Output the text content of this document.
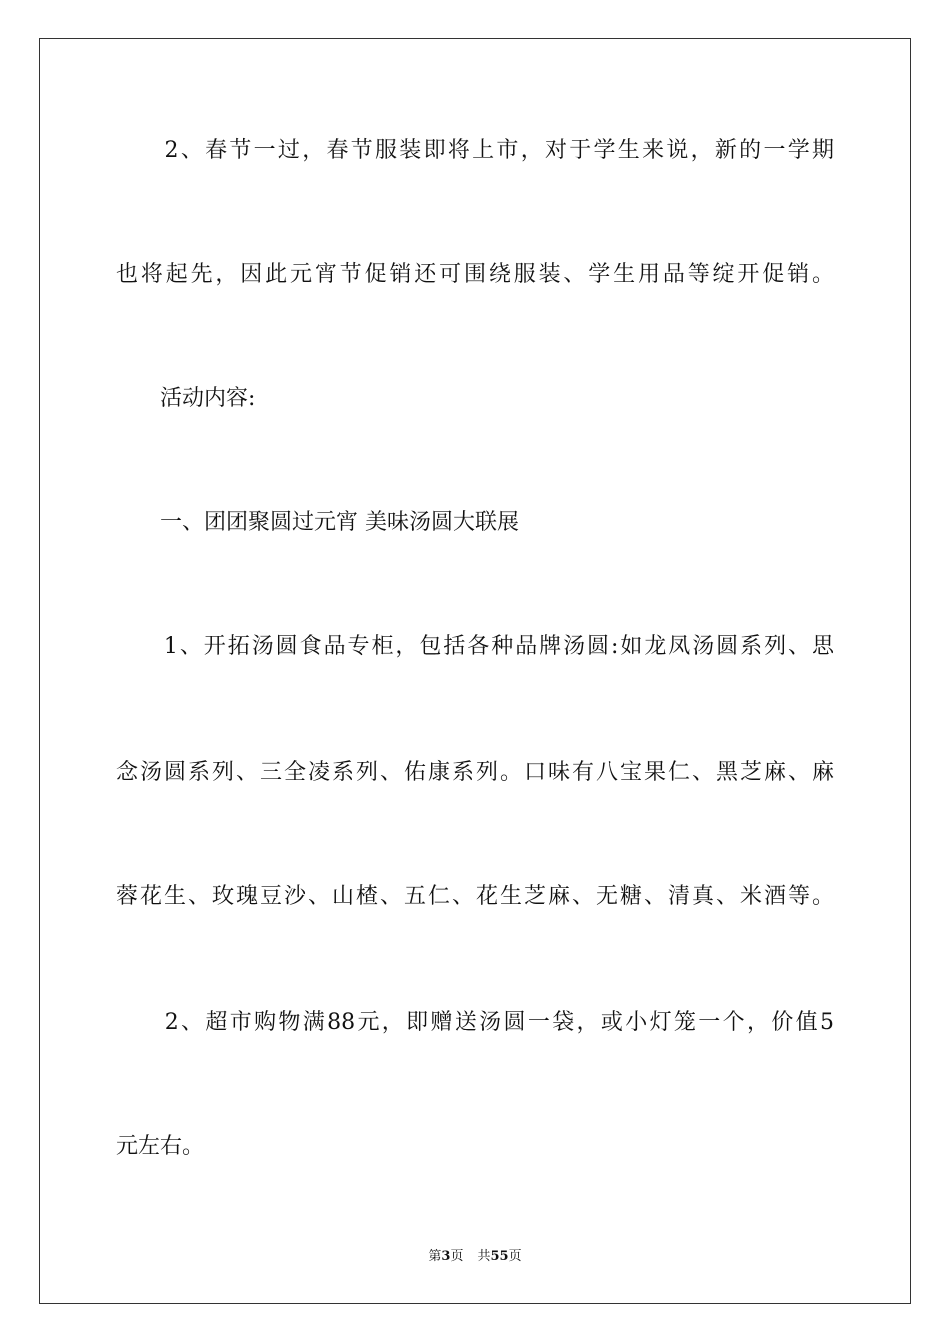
　　2、春节一过，春节服装即将上市，对于学生来说，新的一学期
也将起先，因此元宵节促销还可围绕服装、学生用品等绽开促销。
　　活动内容:
　　一、团团聚圆过元宵 美味汤圆大联展
　　1、开拓汤圆食品专柜，包括各种品牌汤圆:如龙凤汤圆系列、思
念汤圆系列、三全凌系列、佑康系列。口味有八宝果仁、黑芝麻、麻
蓉花生、玫瑰豆沙、山楂、五仁、花生芝麻、无糖、清真、米酒等。
　　2、超市购物满88元，即赠送汤圆一袋，或小灯笼一个，价值5
元左右。
第3页 共55页
